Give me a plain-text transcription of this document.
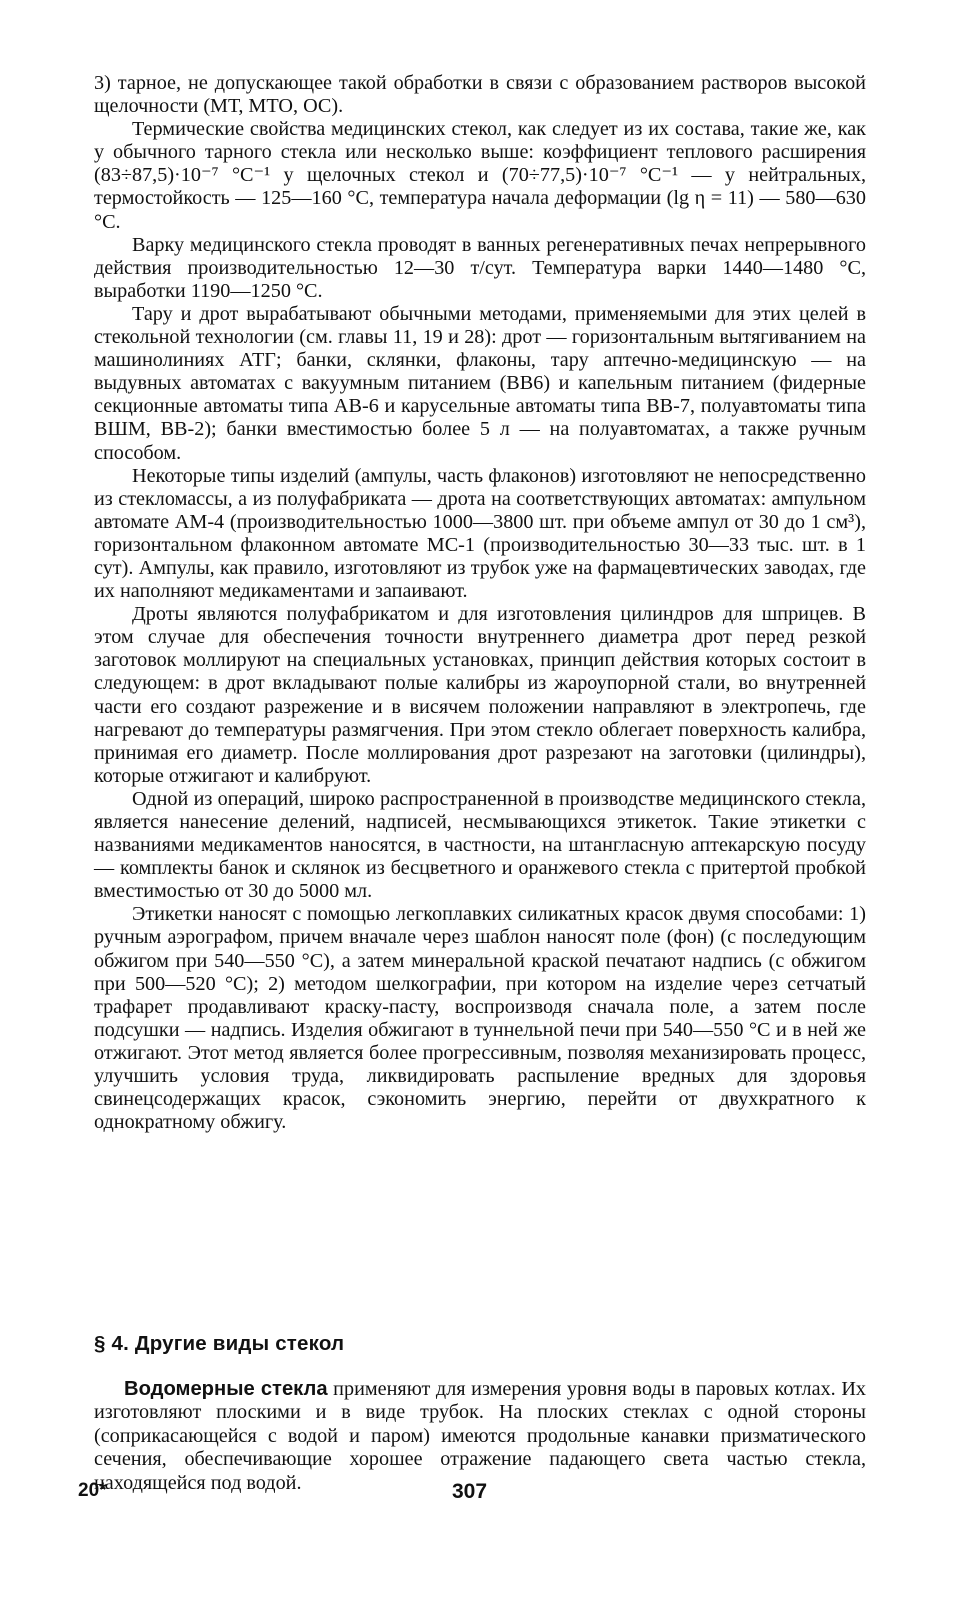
3) тарное, не допускающее такой обработки в связи с образованием растворов высокой щелочности (МТ, МТО, ОС).

Термические свойства медицинских стекол, как следует из их состава, такие же, как у обычного тарного стекла или несколько выше: коэффициент теплового расширения (83÷87,5)·10⁻⁷ °С⁻¹ у щелочных стекол и (70÷77,5)·10⁻⁷ °С⁻¹ — у нейтральных, термостойкость — 125—160 °С, температура начала деформации (lg η = 11) — 580—630 °С.

Варку медицинского стекла проводят в ванных регенеративных печах непрерывного действия производительностью 12—30 т/сут. Температура варки 1440—1480 °С, выработки 1190—1250 °С.

Тару и дрот вырабатывают обычными методами, применяемыми для этих целей в стекольной технологии (см. главы 11, 19 и 28): дрот — горизонтальным вытягиванием на машинолиниях АТГ; банки, склянки, флаконы, тару аптечно-медицинскую — на выдувных автоматах с вакуумным питанием (ВВ6) и капельным питанием (фидерные секционные автоматы типа АВ-6 и карусельные автоматы типа ВВ-7, полуавтоматы типа ВШМ, ВВ-2); банки вместимостью более 5 л — на полуавтоматах, а также ручным способом.

Некоторые типы изделий (ампулы, часть флаконов) изготовляют не непосредственно из стекломассы, а из полуфабриката — дрота на соответствующих автоматах: ампульном автомате АМ-4 (производительностью 1000—3800 шт. при объеме ампул от 30 до 1 см³), горизонтальном флаконном автомате МС-1 (производительностью 30—33 тыс. шт. в 1 сут). Ампулы, как правило, изготовляют из трубок уже на фармацевтических заводах, где их наполняют медикаментами и запаивают.

Дроты являются полуфабрикатом и для изготовления цилиндров для шприцев. В этом случае для обеспечения точности внутреннего диаметра дрот перед резкой заготовок моллируют на специальных установках, принцип действия которых состоит в следующем: в дрот вкладывают полые калибры из жароупорной стали, во внутренней части его создают разрежение и в висячем положении направляют в электропечь, где нагревают до температуры размягчения. При этом стекло облегает поверхность калибра, принимая его диаметр. После моллирования дрот разрезают на заготовки (цилиндры), которые отжигают и калибруют.

Одной из операций, широко распространенной в производстве медицинского стекла, является нанесение делений, надписей, несмывающихся этикеток. Такие этикетки с названиями медикаментов наносятся, в частности, на штангласную аптекарскую посуду — комплекты банок и склянок из бесцветного и оранжевого стекла с притертой пробкой вместимостью от 30 до 5000 мл.

Этикетки наносят с помощью легкоплавких силикатных красок двумя способами: 1) ручным аэрографом, причем вначале через шаблон наносят поле (фон) (с последующим обжигом при 540—550 °С), а затем минеральной краской печатают надпись (с обжигом при 500—520 °С); 2) методом шелкографии, при котором на изделие через сетчатый трафарет продавливают краску-пасту, воспроизводя сначала поле, а затем после подсушки — надпись. Изделия обжигают в туннельной печи при 540—550 °С и в ней же отжигают. Этот метод является более прогрессивным, позволяя механизировать процесс, улучшить условия труда, ликвидировать распыление вредных для здоровья свинецсодержащих красок, сэкономить энергию, перейти от двухкратного к однократному обжигу.

§ 4. Другие виды стекол

Водомерные стекла применяют для измерения уровня воды в паровых котлах. Их изготовляют плоскими и в виде трубок. На плоских стеклах с одной стороны (соприкасающейся с водой и паром) имеются продольные канавки призматического сечения, обеспечивающие хорошее отражение падающего света частью стекла, находящейся под водой.

20*	307
